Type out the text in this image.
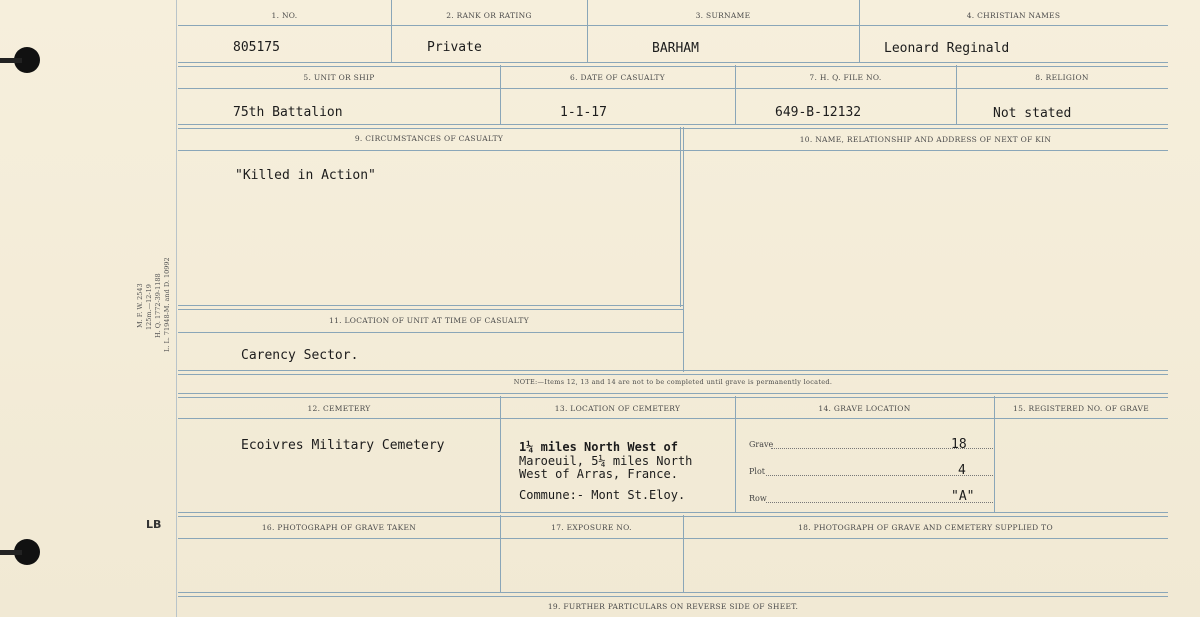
M. F. W. 2543 125m.—12-19 H. Q. 1772-39-1188 L. L. 71948-M. and D. 10992
LB
1. NO.	2. RANK OR RATING	3. SURNAME	4. CHRISTIAN NAMES
805175	Private	BARHAM	Leonard Reginald
5. UNIT OR SHIP	6. DATE OF CASUALTY	7. H. Q. FILE NO.	8. RELIGION
75th Battalion	1-1-17	649-B-12132	Not stated
9. CIRCUMSTANCES OF CASUALTY	10. NAME, RELATIONSHIP AND ADDRESS OF NEXT OF KIN
"Killed in Action"
11. LOCATION OF UNIT AT TIME OF CASUALTY
Carency Sector.
NOTE:—Items 12, 13 and 14 are not to be completed until grave is permanently located.
12. CEMETERY	13. LOCATION OF CEMETERY	14. GRAVE LOCATION	15. REGISTERED NO. OF GRAVE
Ecoivres Military Cemetery	1¼ miles North West of
Maroeuil, 5¼ miles North
West of Arras, France.
Commune:- Mont St.Eloy.
Grave	18
Plot	4
Row	"A"
16. PHOTOGRAPH OF GRAVE TAKEN	17. EXPOSURE NO.	18. PHOTOGRAPH OF GRAVE AND CEMETERY SUPPLIED TO
19. FURTHER PARTICULARS ON REVERSE SIDE OF SHEET.
